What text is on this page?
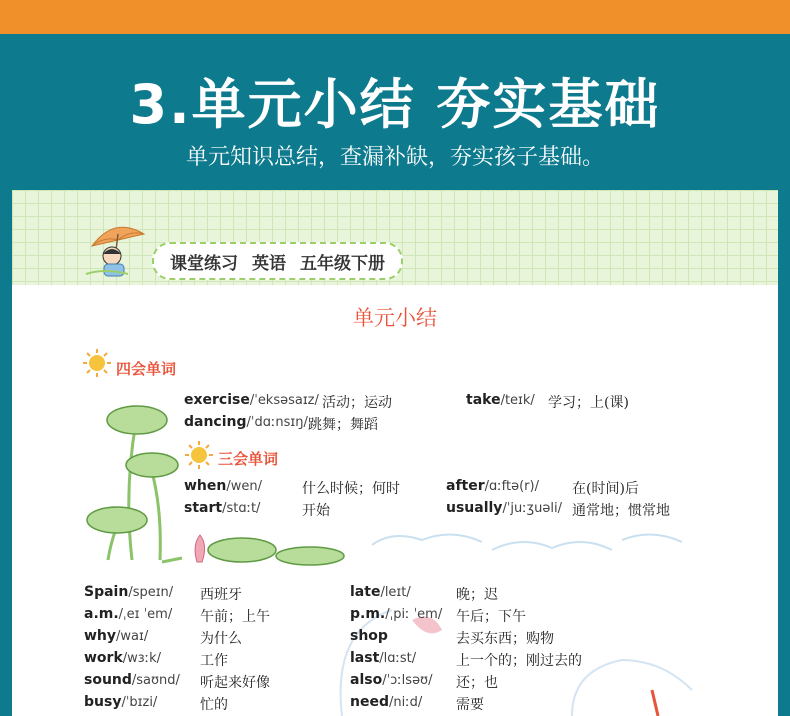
3.单元小结 夯实基础
单元知识总结，查漏补缺，夯实孩子基础。
课堂练习 英语 五年级下册
单元小结
四会单词
exercise/ˈeksəsaɪz/ 活动；运动	take/teɪk/ 学习；上(课)
dancing/ˈdɑːnsɪŋ/ 跳舞；舞蹈
三会单词
when/wen/	什么时候；何时	after/ɑːftə(r)/ 在(时间)后
start/stɑːt/	开始	usually/ˈjuːʒuəli/ 通常地；惯常地
Spain/speɪn/ 西班牙	late/leɪt/	晚；迟
a.m./ˌeɪ ˈem/ 午前；上午	p.m./ˌpiː ˈem/ 午后；下午
why/waɪ/	为什么	shop	去买东西；购物
work/wɜːk/	工作	last/lɑːst/	上一个的；刚过去的
sound/saʊnd/ 听起来好像	also/ˈɔːlsəʊ/ 还；也
busy/ˈbɪzi/	忙的	need/niːd/ 需要
